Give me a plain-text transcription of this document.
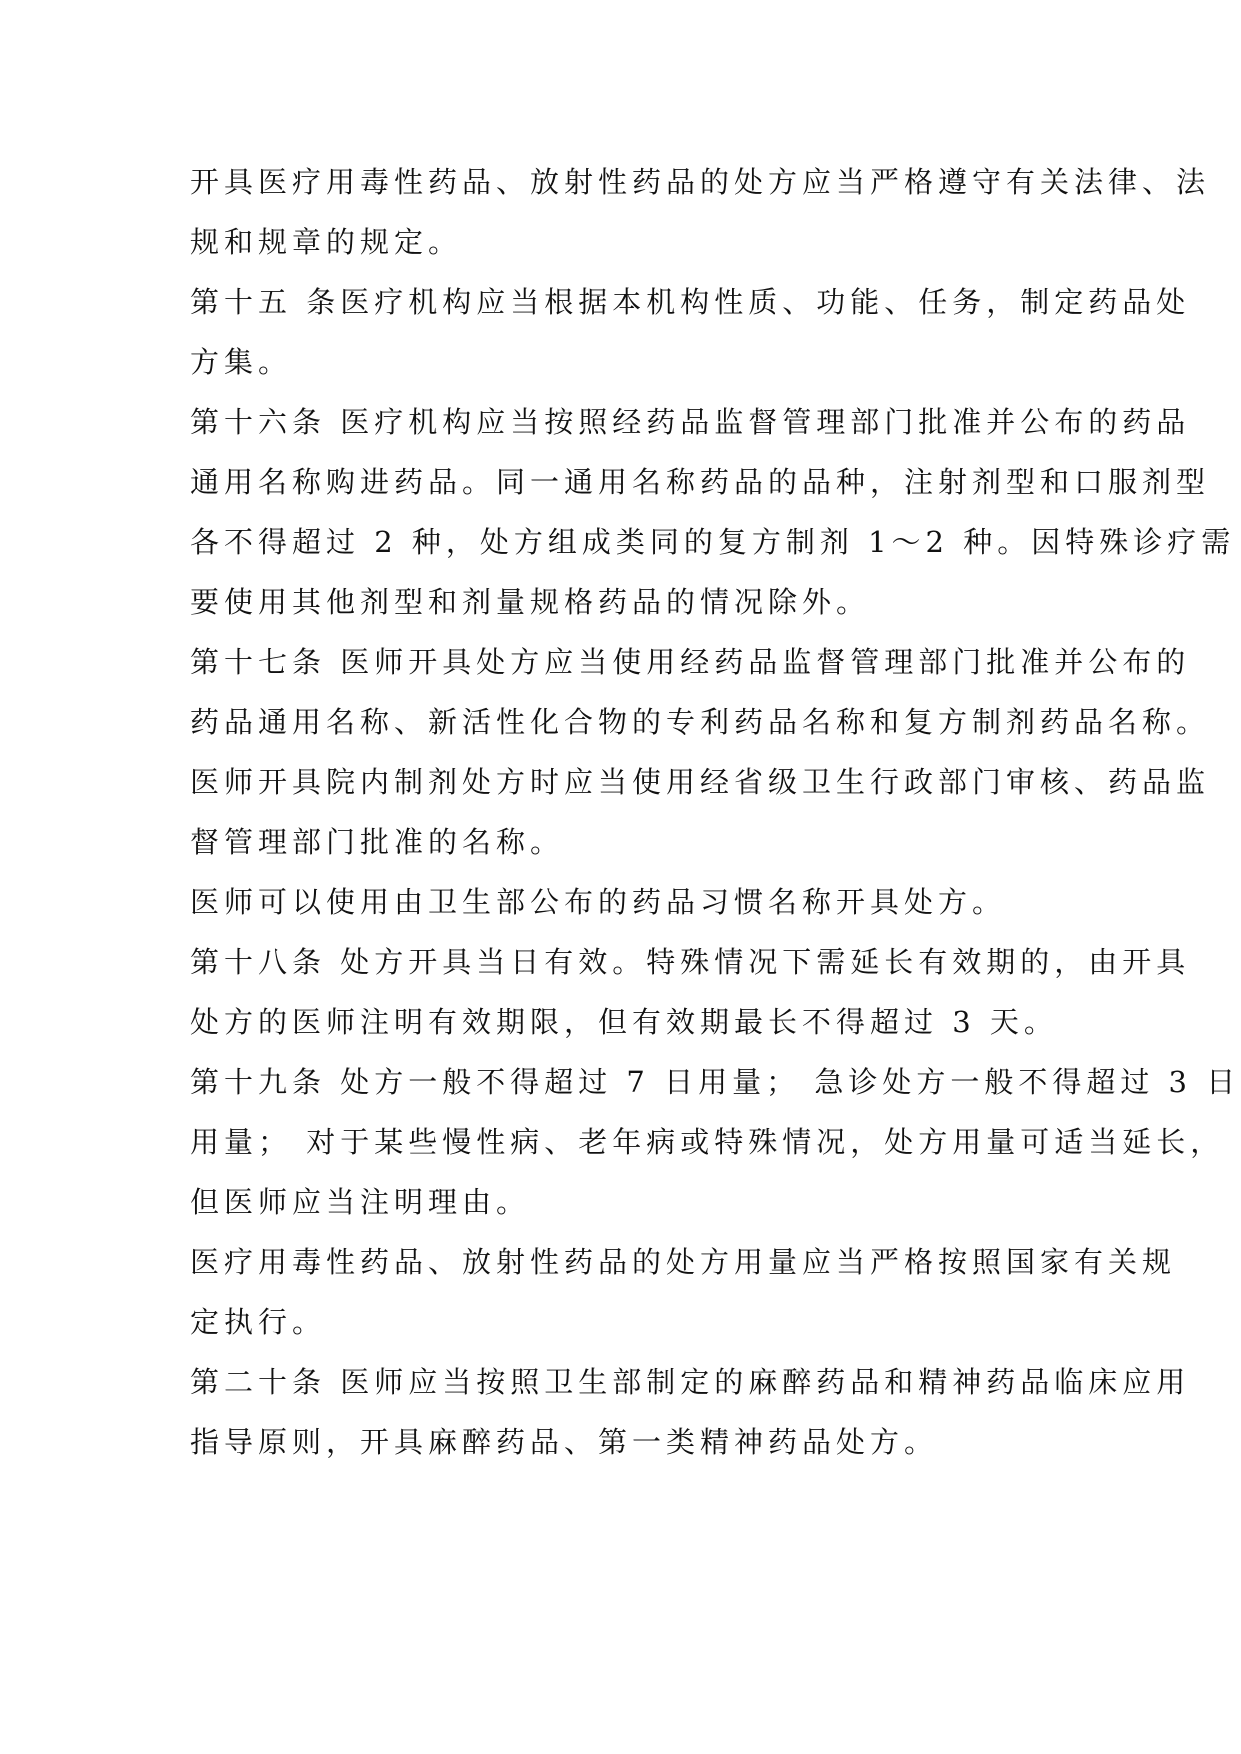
开具医疗用毒性药品、放射性药品的处方应当严格遵守有关法律、法
规和规章的规定。
第十五 条医疗机构应当根据本机构性质、功能、任务，制定药品处
方集。
第十六条 医疗机构应当按照经药品监督管理部门批准并公布的药品
通用名称购进药品。同一通用名称药品的品种，注射剂型和口服剂型
各不得超过 2 种，处方组成类同的复方制剂 1～2 种。因特殊诊疗需
要使用其他剂型和剂量规格药品的情况除外。
第十七条 医师开具处方应当使用经药品监督管理部门批准并公布的
药品通用名称、新活性化合物的专利药品名称和复方制剂药品名称。
医师开具院内制剂处方时应当使用经省级卫生行政部门审核、药品监
督管理部门批准的名称。
医师可以使用由卫生部公布的药品习惯名称开具处方。
第十八条 处方开具当日有效。特殊情况下需延长有效期的，由开具
处方的医师注明有效期限，但有效期最长不得超过 3 天。
第十九条 处方一般不得超过 7 日用量； 急诊处方一般不得超过 3 日
用量； 对于某些慢性病、老年病或特殊情况，处方用量可适当延长，
但医师应当注明理由。
医疗用毒性药品、放射性药品的处方用量应当严格按照国家有关规
定执行。
第二十条 医师应当按照卫生部制定的麻醉药品和精神药品临床应用
指导原则，开具麻醉药品、第一类精神药品处方。
